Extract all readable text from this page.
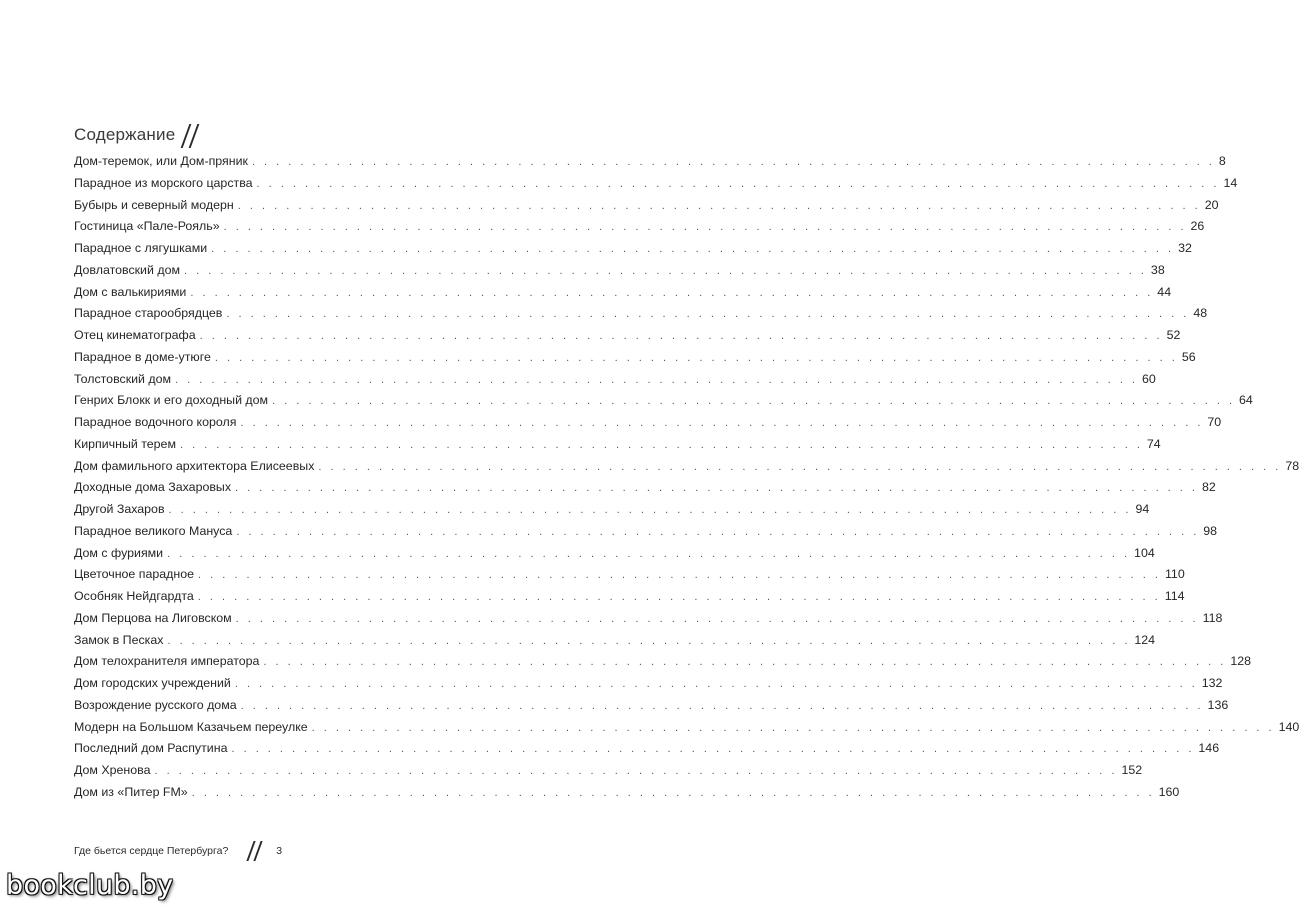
Содержание
Дом-теремок, или Дом-пряник . . . . . . . . . . . . . . . . . . . . . . . . . . . . . . . . . . . . . . . . . . . . . . . . . . . . . . . . . . . . . . . . . . . . . . . . . . . . . . . . 8
Парадное из морского царства . . . . . . . . . . . . . . . . . . . . . . . . . . . . . . . . . . . . . . . . . . . . . . . . . . . . . . . . . . . . . . . . . . . . . . . . . . . . . . . . 14
Бубырь и северный модерн . . . . . . . . . . . . . . . . . . . . . . . . . . . . . . . . . . . . . . . . . . . . . . . . . . . . . . . . . . . . . . . . . . . . . . . . . . . . . . . . 20
Гостиница «Пале-Рояль» . . . . . . . . . . . . . . . . . . . . . . . . . . . . . . . . . . . . . . . . . . . . . . . . . . . . . . . . . . . . . . . . . . . . . . . . . . . . . . . . 26
Парадное с лягушками . . . . . . . . . . . . . . . . . . . . . . . . . . . . . . . . . . . . . . . . . . . . . . . . . . . . . . . . . . . . . . . . . . . . . . . . . . . . . . . . 32
Довлатовский дом . . . . . . . . . . . . . . . . . . . . . . . . . . . . . . . . . . . . . . . . . . . . . . . . . . . . . . . . . . . . . . . . . . . . . . . . . . . . . . . . 38
Дом с валькириями . . . . . . . . . . . . . . . . . . . . . . . . . . . . . . . . . . . . . . . . . . . . . . . . . . . . . . . . . . . . . . . . . . . . . . . . . . . . . . . . 44
Парадное старообрядцев . . . . . . . . . . . . . . . . . . . . . . . . . . . . . . . . . . . . . . . . . . . . . . . . . . . . . . . . . . . . . . . . . . . . . . . . . . . . . . . . 48
Отец кинематографа . . . . . . . . . . . . . . . . . . . . . . . . . . . . . . . . . . . . . . . . . . . . . . . . . . . . . . . . . . . . . . . . . . . . . . . . . . . . . . . . 52
Парадное в доме-утюге . . . . . . . . . . . . . . . . . . . . . . . . . . . . . . . . . . . . . . . . . . . . . . . . . . . . . . . . . . . . . . . . . . . . . . . . . . . . . . . . 56
Толстовский дом . . . . . . . . . . . . . . . . . . . . . . . . . . . . . . . . . . . . . . . . . . . . . . . . . . . . . . . . . . . . . . . . . . . . . . . . . . . . . . . . 60
Генрих Блокк и его доходный дом . . . . . . . . . . . . . . . . . . . . . . . . . . . . . . . . . . . . . . . . . . . . . . . . . . . . . . . . . . . . . . . . . . . . . . . . . . . . . . . . 64
Парадное водочного короля . . . . . . . . . . . . . . . . . . . . . . . . . . . . . . . . . . . . . . . . . . . . . . . . . . . . . . . . . . . . . . . . . . . . . . . . . . . . . . . . 70
Кирпичный терем . . . . . . . . . . . . . . . . . . . . . . . . . . . . . . . . . . . . . . . . . . . . . . . . . . . . . . . . . . . . . . . . . . . . . . . . . . . . . . . . 74
Дом фамильного архитектора Елисеевых . . . . . . . . . . . . . . . . . . . . . . . . . . . . . . . . . . . . . . . . . . . . . . . . . . . . . . . . . . . . . . . . . . . . . . . . . . . . . . . . 78
Доходные дома Захаровых . . . . . . . . . . . . . . . . . . . . . . . . . . . . . . . . . . . . . . . . . . . . . . . . . . . . . . . . . . . . . . . . . . . . . . . . . . . . . . . . 82
Другой Захаров . . . . . . . . . . . . . . . . . . . . . . . . . . . . . . . . . . . . . . . . . . . . . . . . . . . . . . . . . . . . . . . . . . . . . . . . . . . . . . . . 94
Парадное великого Мануса . . . . . . . . . . . . . . . . . . . . . . . . . . . . . . . . . . . . . . . . . . . . . . . . . . . . . . . . . . . . . . . . . . . . . . . . . . . . . . . . 98
Дом с фуриями . . . . . . . . . . . . . . . . . . . . . . . . . . . . . . . . . . . . . . . . . . . . . . . . . . . . . . . . . . . . . . . . . . . . . . . . . . . . . . . . 104
Цветочное парадное . . . . . . . . . . . . . . . . . . . . . . . . . . . . . . . . . . . . . . . . . . . . . . . . . . . . . . . . . . . . . . . . . . . . . . . . . . . . . . . . 110
Особняк Нейдгардта . . . . . . . . . . . . . . . . . . . . . . . . . . . . . . . . . . . . . . . . . . . . . . . . . . . . . . . . . . . . . . . . . . . . . . . . . . . . . . . . 114
Дом Перцова на Лиговском . . . . . . . . . . . . . . . . . . . . . . . . . . . . . . . . . . . . . . . . . . . . . . . . . . . . . . . . . . . . . . . . . . . . . . . . . . . . . . . . 118
Замок в Песках . . . . . . . . . . . . . . . . . . . . . . . . . . . . . . . . . . . . . . . . . . . . . . . . . . . . . . . . . . . . . . . . . . . . . . . . . . . . . . . . 124
Дом телохранителя императора . . . . . . . . . . . . . . . . . . . . . . . . . . . . . . . . . . . . . . . . . . . . . . . . . . . . . . . . . . . . . . . . . . . . . . . . . . . . . . . . 128
Дом городских учреждений . . . . . . . . . . . . . . . . . . . . . . . . . . . . . . . . . . . . . . . . . . . . . . . . . . . . . . . . . . . . . . . . . . . . . . . . . . . . . . . . 132
Возрождение русского дома . . . . . . . . . . . . . . . . . . . . . . . . . . . . . . . . . . . . . . . . . . . . . . . . . . . . . . . . . . . . . . . . . . . . . . . . . . . . . . . . 136
Модерн на Большом Казачьем переулке . . . . . . . . . . . . . . . . . . . . . . . . . . . . . . . . . . . . . . . . . . . . . . . . . . . . . . . . . . . . . . . . . . . . . . . . . . . . . . . . 140
Последний дом Распутина . . . . . . . . . . . . . . . . . . . . . . . . . . . . . . . . . . . . . . . . . . . . . . . . . . . . . . . . . . . . . . . . . . . . . . . . . . . . . . . . 146
Дом Хренова . . . . . . . . . . . . . . . . . . . . . . . . . . . . . . . . . . . . . . . . . . . . . . . . . . . . . . . . . . . . . . . . . . . . . . . . . . . . . . . . 152
Дом из «Питер FM» . . . . . . . . . . . . . . . . . . . . . . . . . . . . . . . . . . . . . . . . . . . . . . . . . . . . . . . . . . . . . . . . . . . . . . . . . . . . . . . . 160
Где бьется сердце Петербурга?	3
bookclub.by
